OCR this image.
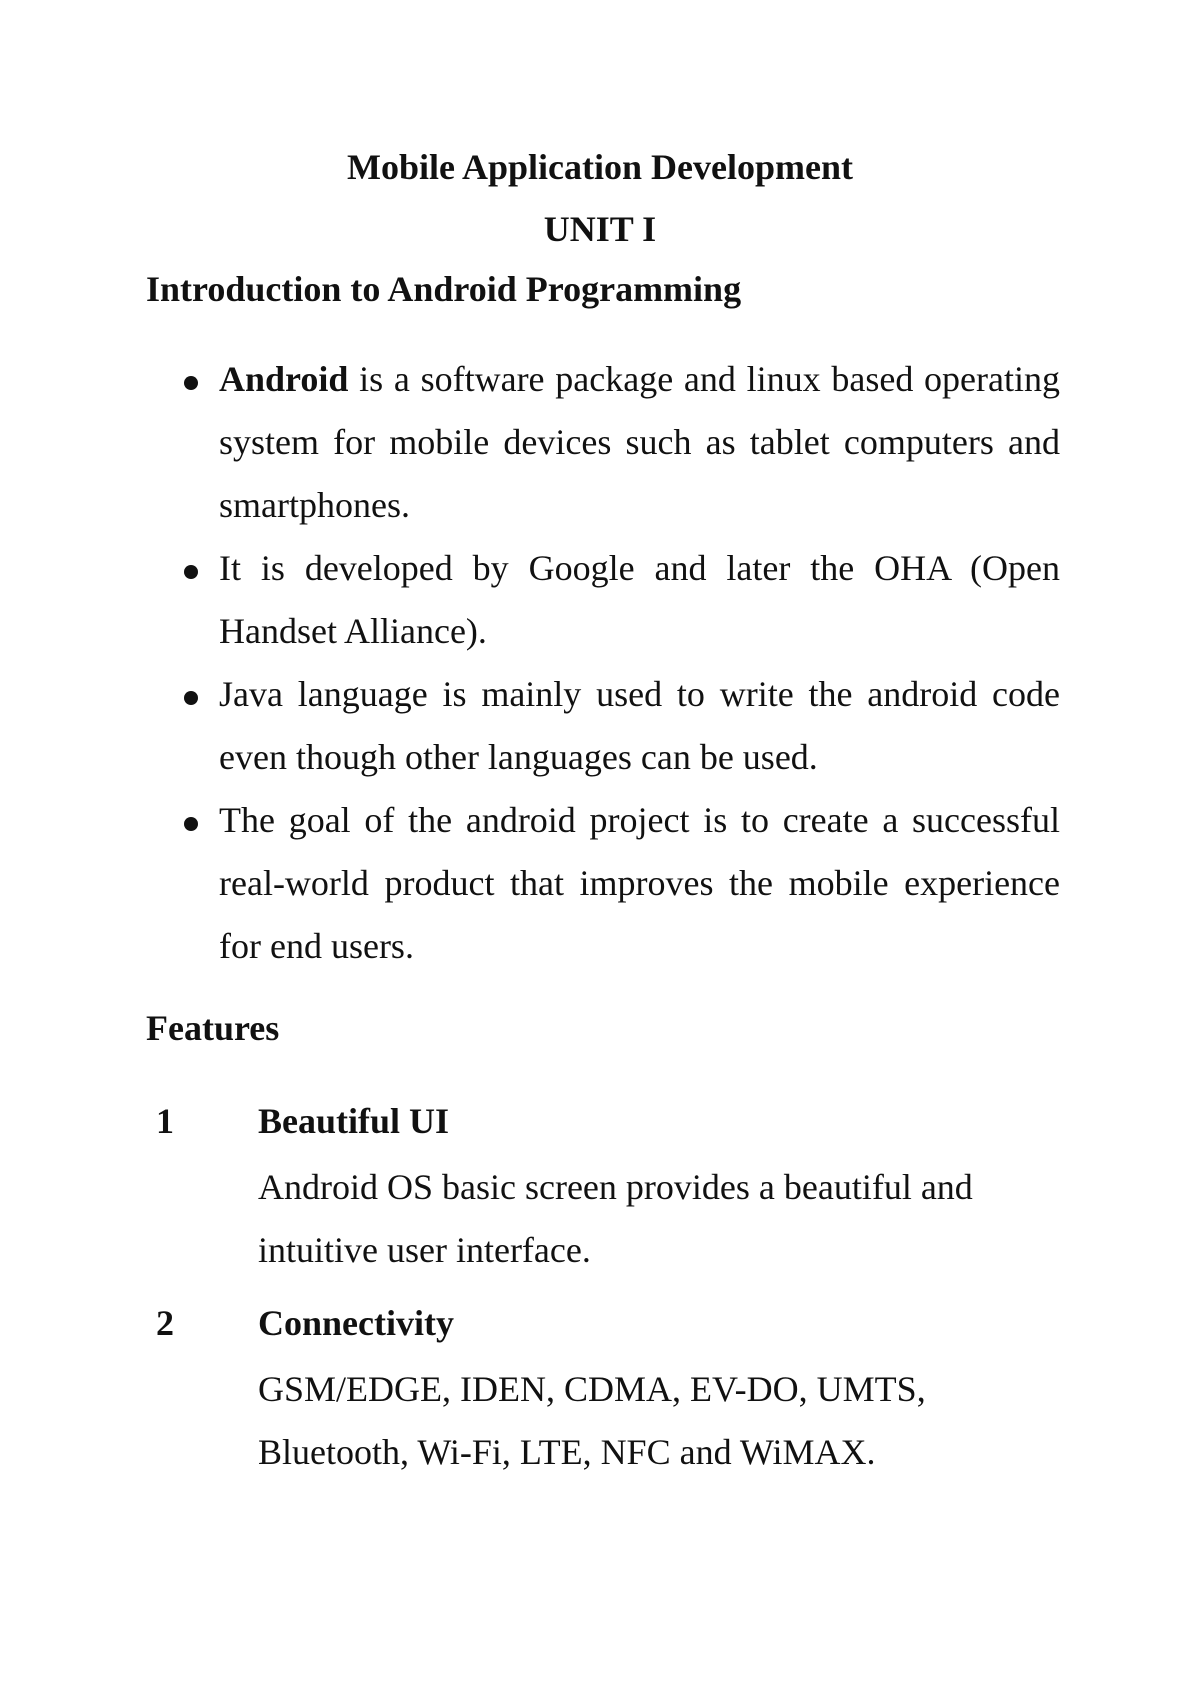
Mobile Application Development
UNIT I
Introduction to Android Programming
Android is a software package and linux based operating system for mobile devices such as tablet computers and smartphones.
It is developed by Google and later the OHA (Open Handset Alliance).
Java language is mainly used to write the android code even though other languages can be used.
The goal of the android project is to create a successful real-world product that improves the mobile experience for end users.
Features
1 Beautiful UI

Android OS basic screen provides a beautiful and intuitive user interface.

2 Connectivity

GSM/EDGE, IDEN, CDMA, EV-DO, UMTS, Bluetooth, Wi-Fi, LTE, NFC and WiMAX.
